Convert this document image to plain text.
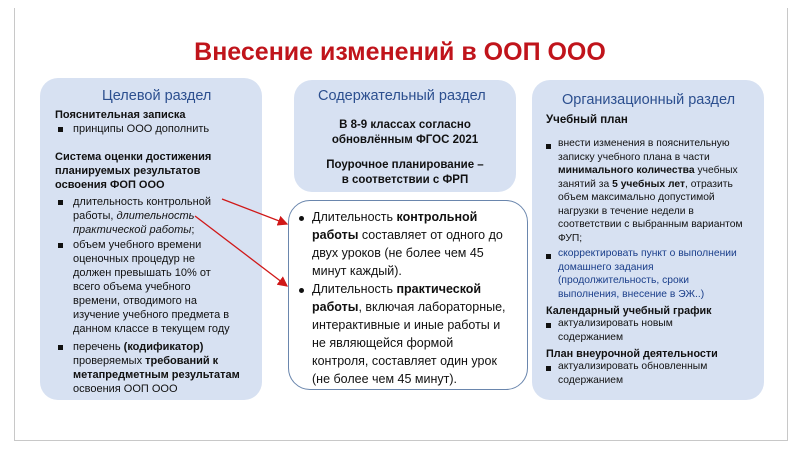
Внесение изменений в ООП ООО
Целевой раздел
Пояснительная записка
принципы ООО дополнить
Система оценки достижения
планируемых результатов
освоения ФОП ООО
длительность контрольной
работы, длительность
практической работы;
объем учебного времени
оценочных процедур не
должен превышать 10% от
всего объема учебного
времени, отводимого на
изучение учебного предмета в
данном классе в текущем году
перечень (кодификатор)
проверяемых требований к
метапредметным результатам
освоения ООП ООО
Содержательный раздел
В 8-9 классах согласно
обновлённым ФГОС 2021
Поурочное планирование –
в соответствии с ФРП
Длительность контрольной
работы составляет от одного до
двух уроков (не более чем 45
минут каждый).
Длительность практической
работы, включая лабораторные,
интерактивные и иные работы и
не являющейся формой
контроля, составляет один урок
(не более чем 45 минут).
Организационный раздел
Учебный план
внести изменения в пояснительную
записку учебного плана в части
минимального количества учебных
занятий за 5 учебных лет, отразить
объем максимально допустимой
нагрузки в течение недели в
соответствии с выбранным вариантом
ФУП;
скорректировать пункт о выполнении
домашнего задания
(продолжительность, сроки
выполнения, внесение в ЭЖ..)
Календарный учебный график
актуализировать новым
содержанием
План внеурочной деятельности
актуализировать обновленным
содержанием
